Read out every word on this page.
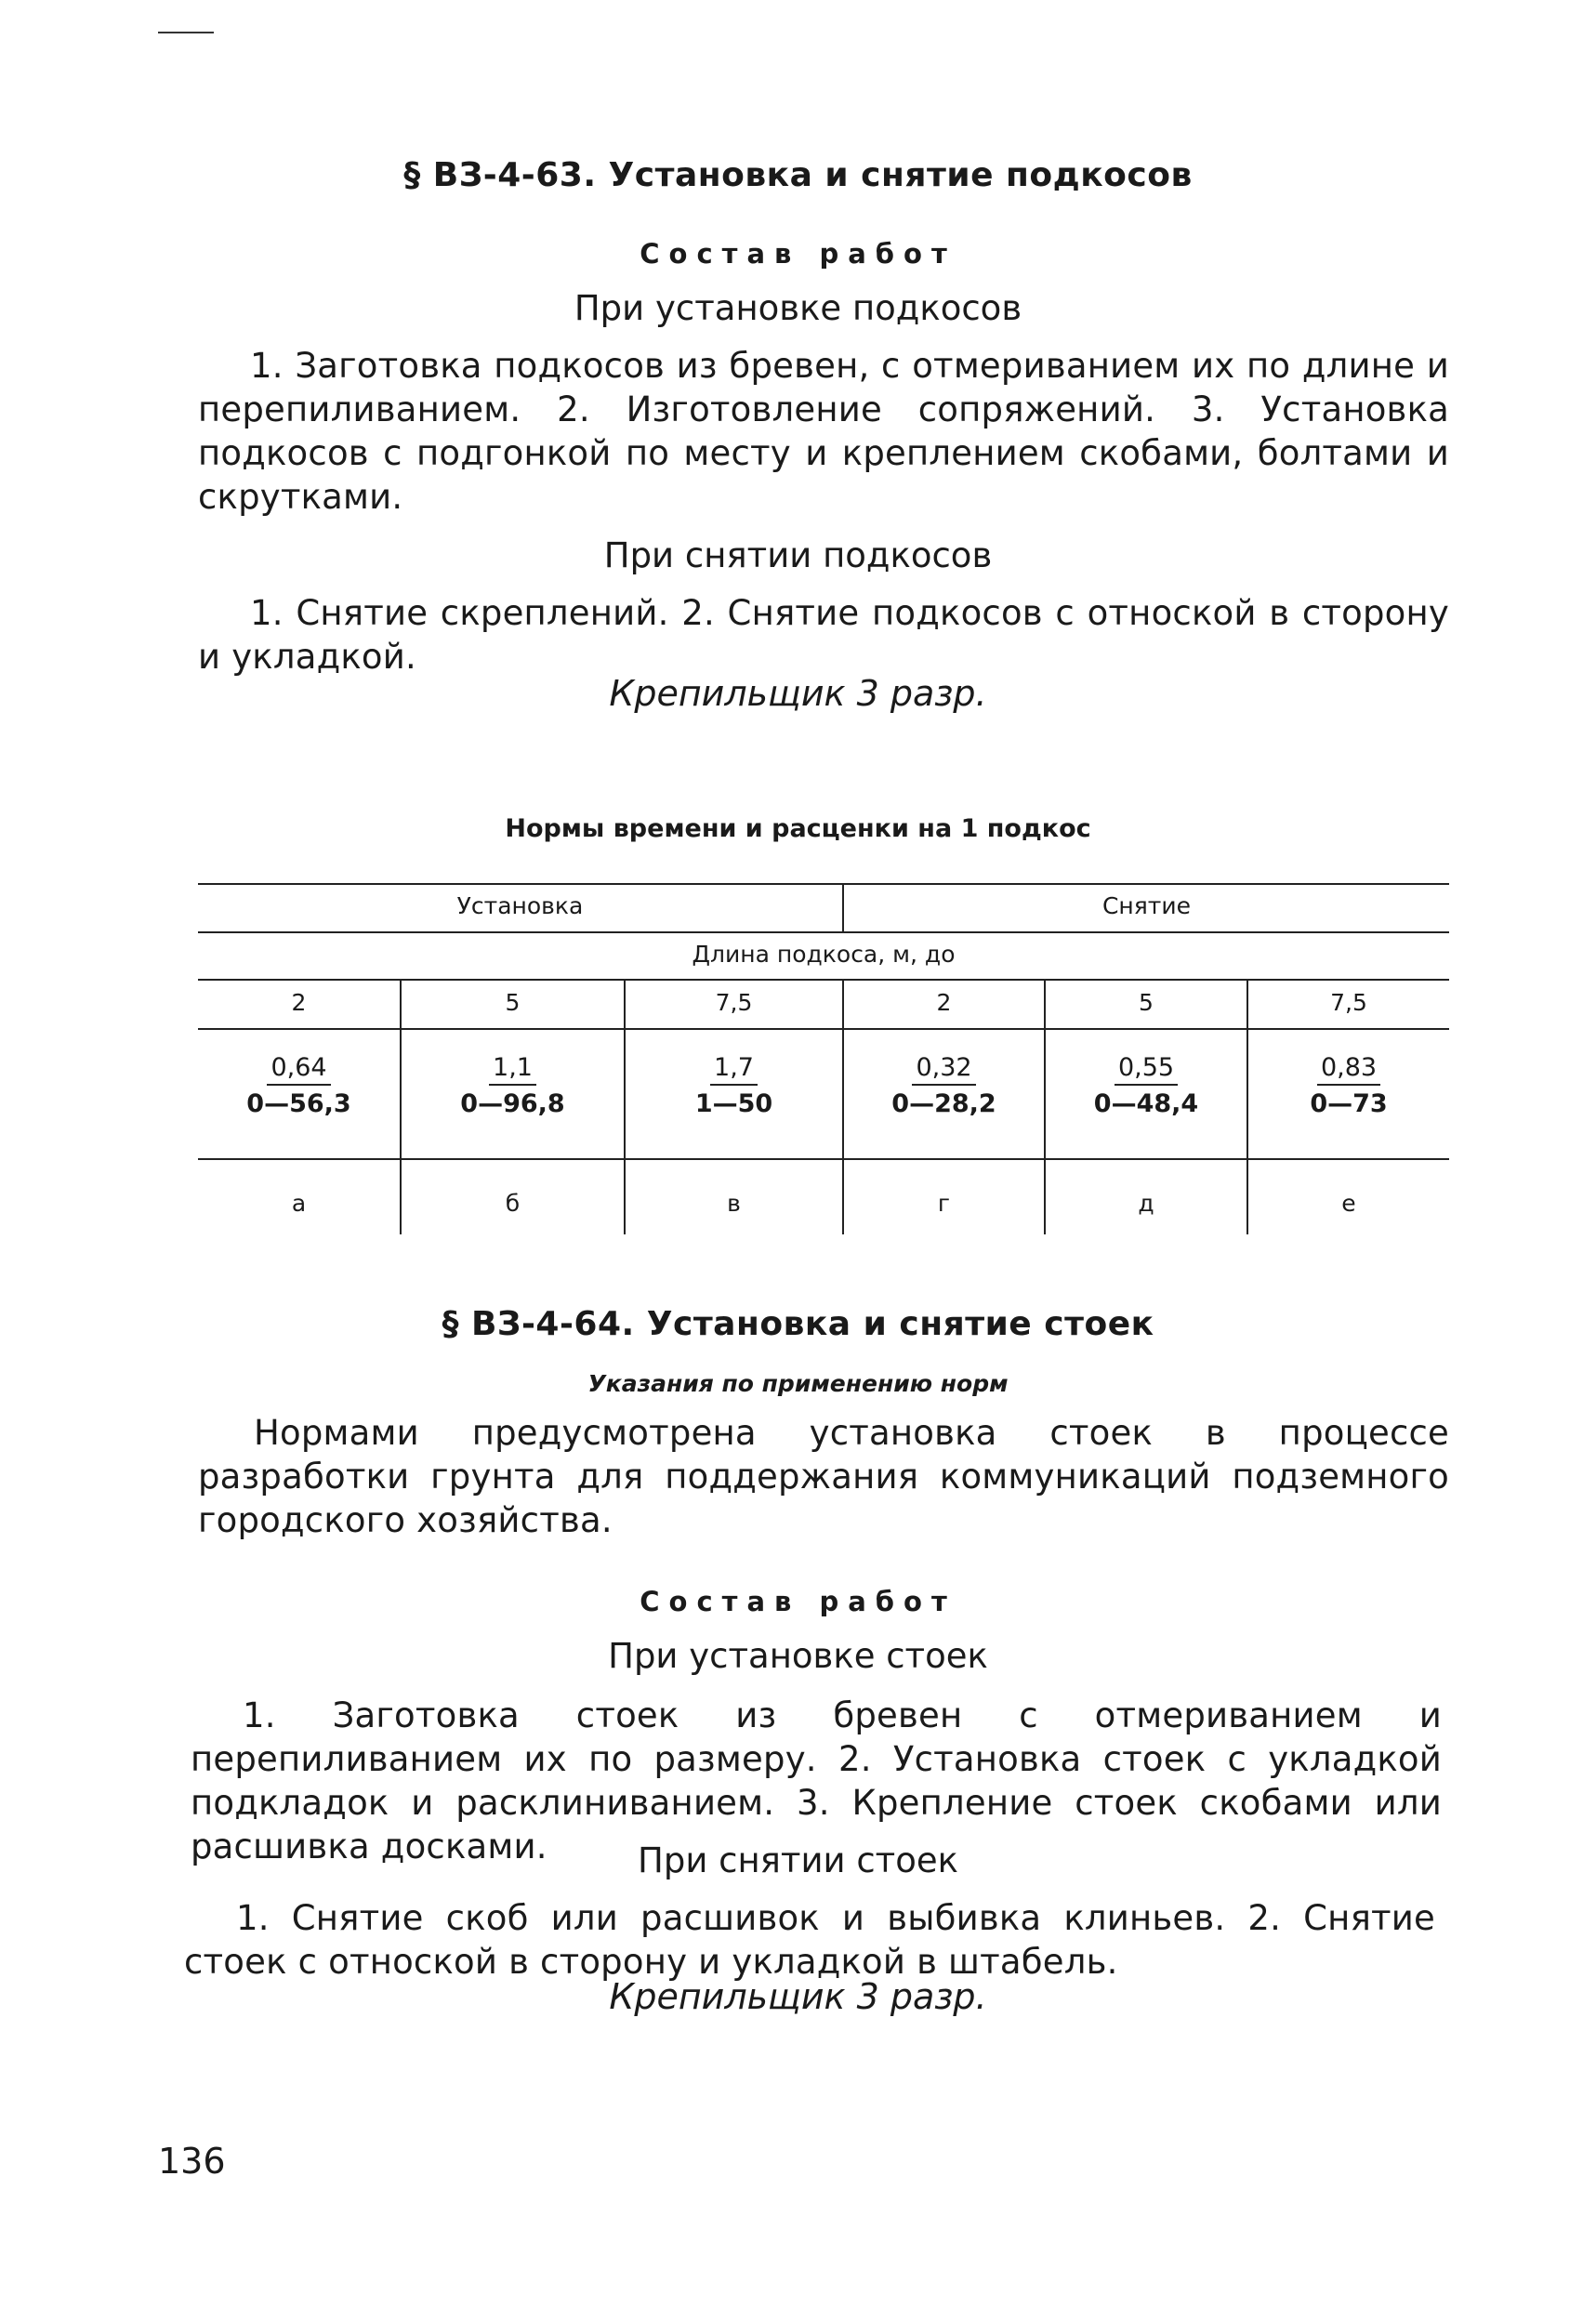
§ ВЗ-4-63. Установка и снятие подкосов
Состав работ
При установке подкосов
1. Заготовка подкосов из бревен, с отмериванием их по длине и перепиливанием. 2. Изготовление сопряжений. 3. Установка подкосов с подгонкой по месту и креплением скобами, болтами и скрутками.
При снятии подкосов
1. Снятие скреплений. 2. Снятие подкосов с отноской в сторону и укладкой.
Крепильщик 3 разр.
Нормы времени и расценки на 1 подкос
Установка	Снятие
Длина подкоса, м, до
2	5	7,5	2	5	7,5
$\frac{0,64}{0—56,3} \frac{1,1}{0—96,8} \frac{1,7}{1—50} \frac{0,32}{0—28,2} \frac{0,55}{0—48,4} \frac{0,83}{0—73}$
а	б	в	г	д	е
§ ВЗ-4-64. Установка и снятие стоек
Указания по применению норм
Нормами предусмотрена установка стоек в процессе разработки грунта для поддержания коммуникаций подземного городского хозяйства.
Состав работ
При установке стоек
1. Заготовка стоек из бревен с отмериванием и перепиливанием их по размеру. 2. Установка стоек с укладкой подкладок и расклиниванием. 3. Крепление стоек скобами или расшивка досками.	При снятии стоек
1. Снятие скоб или расшивок и выбивка клиньев. 2. Снятие стоек с отноской в сторону и укладкой в штабель.
Крепильщик 3 разр.
136
